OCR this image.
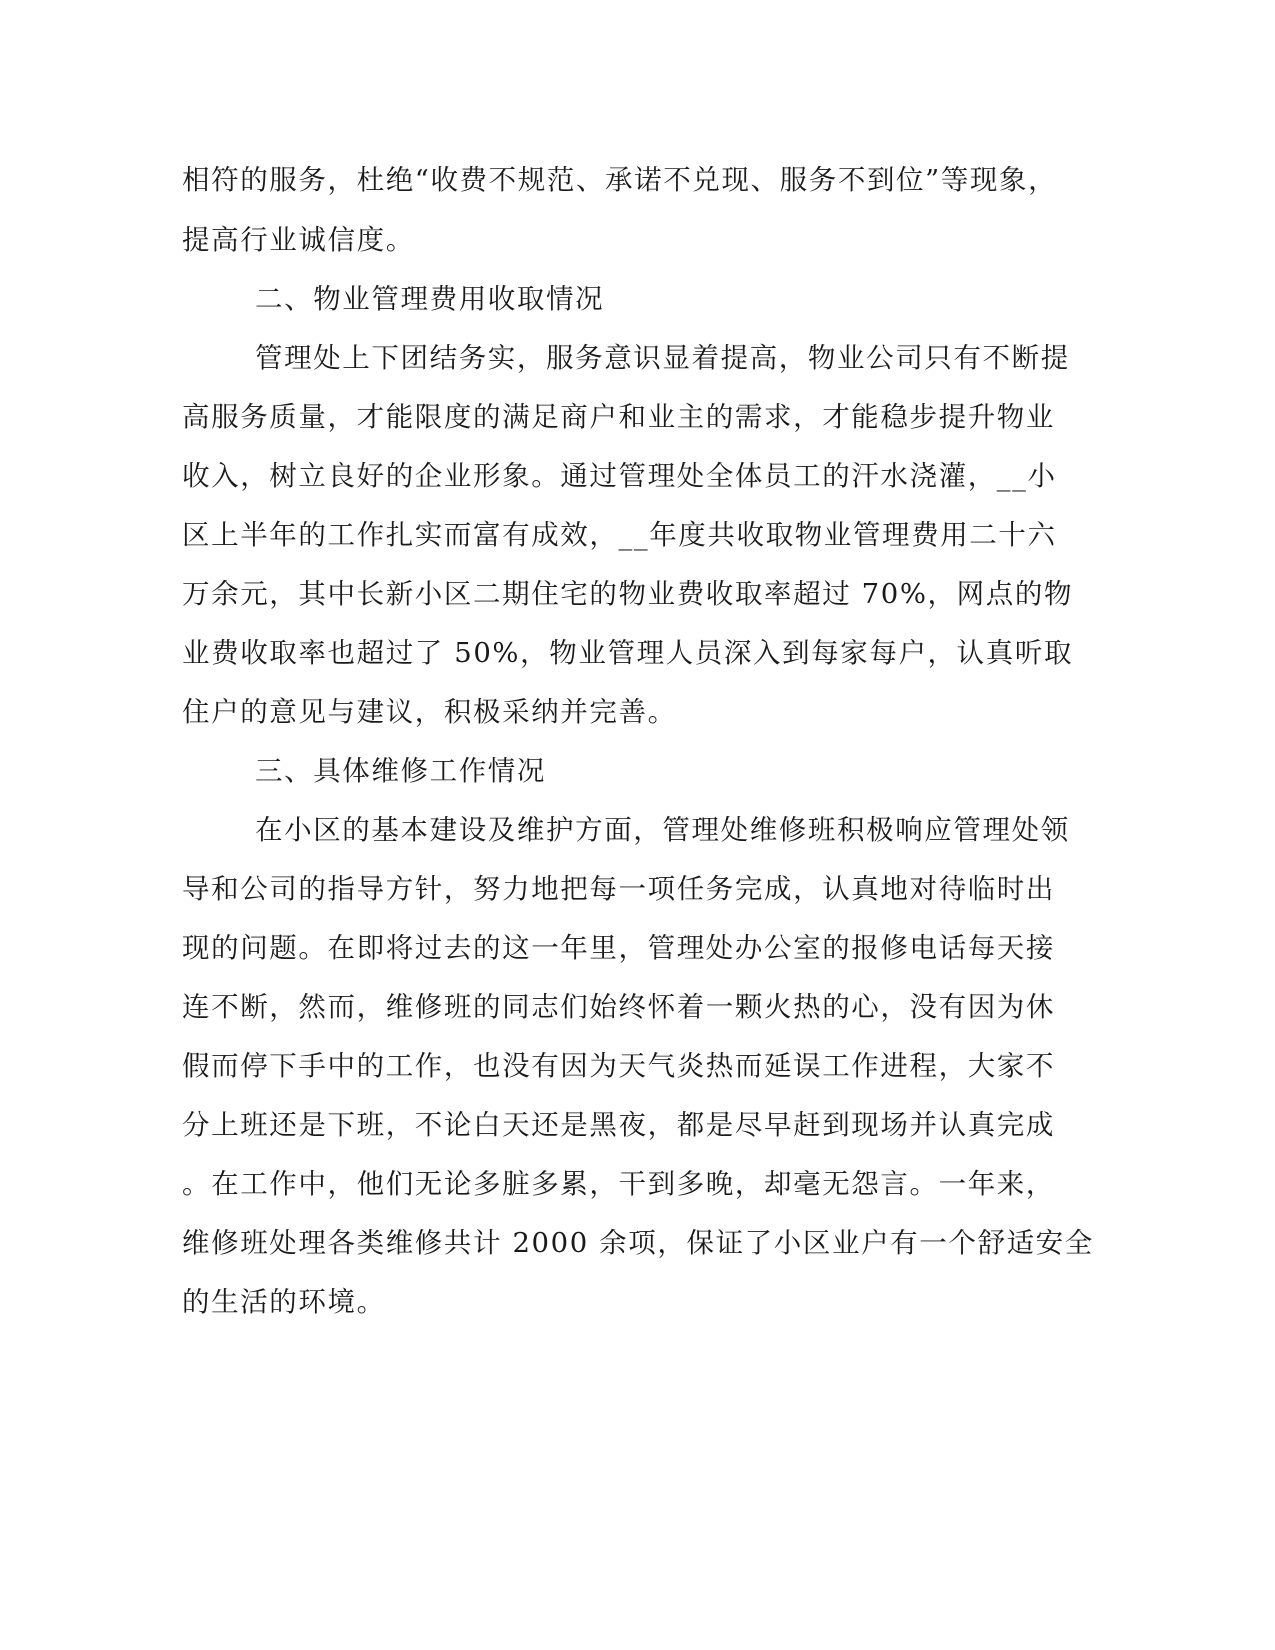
相符的服务，杜绝“收费不规范、承诺不兑现、服务不到位”等现象，

提高行业诚信度。

二、物业管理费用收取情况

管理处上下团结务实，服务意识显着提高，物业公司只有不断提

高服务质量，才能限度的满足商户和业主的需求，才能稳步提升物业

收入，树立良好的企业形象。通过管理处全体员工的汗水浇灌，__小

区上半年的工作扎实而富有成效，__年度共收取物业管理费用二十六

万余元，其中长新小区二期住宅的物业费收取率超过 70%，网点的物

业费收取率也超过了 50%，物业管理人员深入到每家每户，认真听取

住户的意见与建议，积极采纳并完善。

三、具体维修工作情况

在小区的基本建设及维护方面，管理处维修班积极响应管理处领

导和公司的指导方针，努力地把每一项任务完成，认真地对待临时出

现的问题。在即将过去的这一年里，管理处办公室的报修电话每天接

连不断，然而，维修班的同志们始终怀着一颗火热的心，没有因为休

假而停下手中的工作，也没有因为天气炎热而延误工作进程，大家不

分上班还是下班，不论白天还是黑夜，都是尽早赶到现场并认真完成

。在工作中，他们无论多脏多累，干到多晚，却毫无怨言。一年来，

维修班处理各类维修共计 2000 余项，保证了小区业户有一个舒适安全

的生活的环境。
